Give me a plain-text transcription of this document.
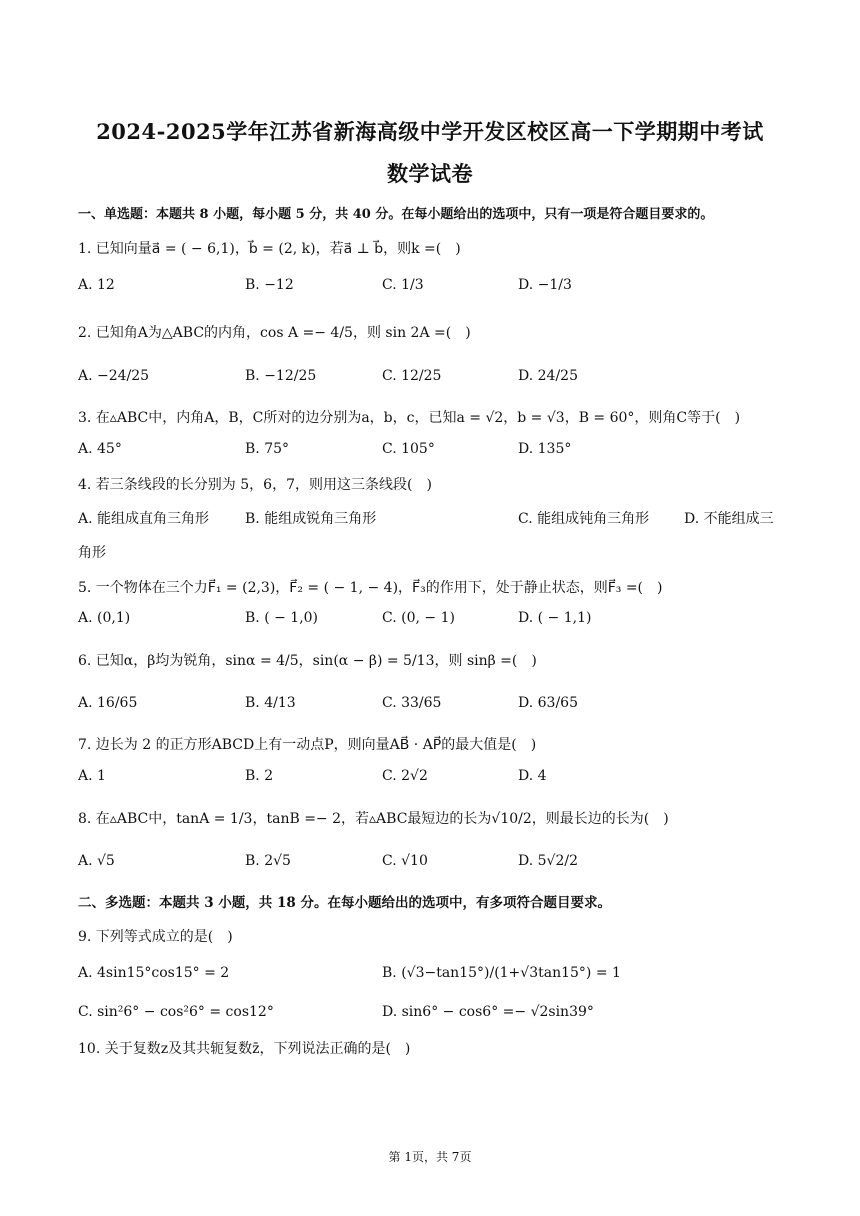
2024-2025学年江苏省新海高级中学开发区校区高一下学期期中考试
数学试卷
一、单选题：本题共 8 小题，每小题 5 分，共 40 分。在每小题给出的选项中，只有一项是符合题目要求的。
1. 已知向量a⃗ = ( − 6,1)，b⃗ = (2, k)，若a⃗ ⊥ b⃗，则k =(　)
A. 12	B. −12	C. 1/3	D. −1/3
2. 已知角A为△ABC的内角，cos A =− 4/5，则 sin 2A =(　)
A. −24/25	B. −12/25	C. 12/25	D. 24/25
3. 在▵ABC中，内角A，B，C所对的边分别为a，b，c，已知a = √2，b = √3，B = 60°，则角C等于(　)
A. 45°	B. 75°	C. 105°	D. 135°
4. 若三条线段的长分别为 5，6，7，则用这三条线段(　)
A. 能组成直角三角形	B. 能组成锐角三角形	C. 能组成钝角三角形 D. 不能组成三
角形
5. 一个物体在三个力F⃗₁ = (2,3)，F⃗₂ = ( − 1, − 4)，F⃗₃的作用下，处于静止状态，则F⃗₃ =(　)
A. (0,1)	B. ( − 1,0)	C. (0, − 1)	D. ( − 1,1)
6. 已知α，β均为锐角，sinα = 4/5，sin(α − β) = 5/13，则 sinβ =(　)
A. 16/65	B. 4/13	C. 33/65	D. 63/65
7. 边长为 2 的正方形ABCD上有一动点P，则向量AB⃗ · AP⃗的最大值是(　)
A. 1	B. 2	C. 2√2	D. 4
8. 在▵ABC中，tanA = 1/3，tanB =− 2，若▵ABC最短边的长为√10/2，则最长边的长为(　)
A. √5	B. 2√5	C. √10	D. 5√2/2
二、多选题：本题共 3 小题，共 18 分。在每小题给出的选项中，有多项符合题目要求。
9. 下列等式成立的是(　)
A. 4sin15°cos15° = 2	B. (√3−tan15°)/(1+√3tan15°) = 1
C. sin²6° − cos²6° = cos12°	D. sin6° − cos6° =− √2sin39°
10. 关于复数z及其共轭复数z̄，下列说法正确的是(　)
第 1页，共 7页
